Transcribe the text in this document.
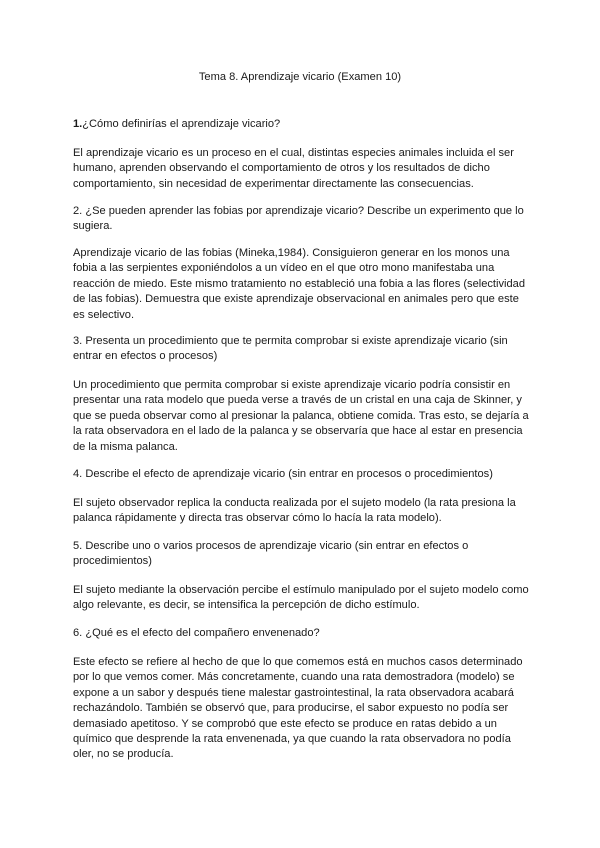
Tema 8. Aprendizaje vicario (Examen 10)

1.¿Cómo definirías el aprendizaje vicario?

El aprendizaje vicario es un proceso en el cual, distintas especies animales incluida el ser humano, aprenden observando el comportamiento de otros y los resultados de dicho comportamiento, sin necesidad de experimentar directamente las consecuencias.

2. ¿Se pueden aprender las fobias por aprendizaje vicario? Describe un experimento que lo sugiera.

Aprendizaje vicario de las fobias (Mineka,1984). Consiguieron generar en los monos una fobia a las serpientes exponiéndolos a un vídeo en el que otro mono manifestaba una reacción de miedo. Este mismo tratamiento no estableció una fobia a las flores (selectividad de las fobias). Demuestra que existe aprendizaje observacional en animales pero que este es selectivo.

3. Presenta un procedimiento que te permita comprobar si existe aprendizaje vicario (sin entrar en efectos o procesos)

Un procedimiento que permita comprobar si existe aprendizaje vicario podría consistir en presentar una rata modelo que pueda verse a través de un cristal en una caja de Skinner, y que se pueda observar como al presionar la palanca, obtiene comida. Tras esto, se dejaría a la rata observadora en el lado de la palanca y se observaría que hace al estar en presencia de la misma palanca.

4. Describe el efecto de aprendizaje vicario (sin entrar en procesos o procedimientos)

El sujeto observador replica la conducta realizada por el sujeto modelo (la rata presiona la palanca rápidamente y directa tras observar cómo lo hacía la rata modelo).

5. Describe uno o varios procesos de aprendizaje vicario (sin entrar en efectos o procedimientos)

El sujeto mediante la observación percibe el estímulo manipulado por el sujeto modelo como algo relevante, es decir, se intensifica la percepción de dicho estímulo.

6. ¿Qué es el efecto del compañero envenenado?

Este efecto se refiere al hecho de que lo que comemos está en muchos casos determinado por lo que vemos comer. Más concretamente, cuando una rata demostradora (modelo) se expone a un sabor y después tiene malestar gastrointestinal, la rata observadora acabará rechazándolo. También se observó que, para producirse, el sabor expuesto no podía ser demasiado apetitoso. Y se comprobó que este efecto se produce en ratas debido a un químico que desprende la rata envenenada, ya que cuando la rata observadora no podía oler, no se producía.
